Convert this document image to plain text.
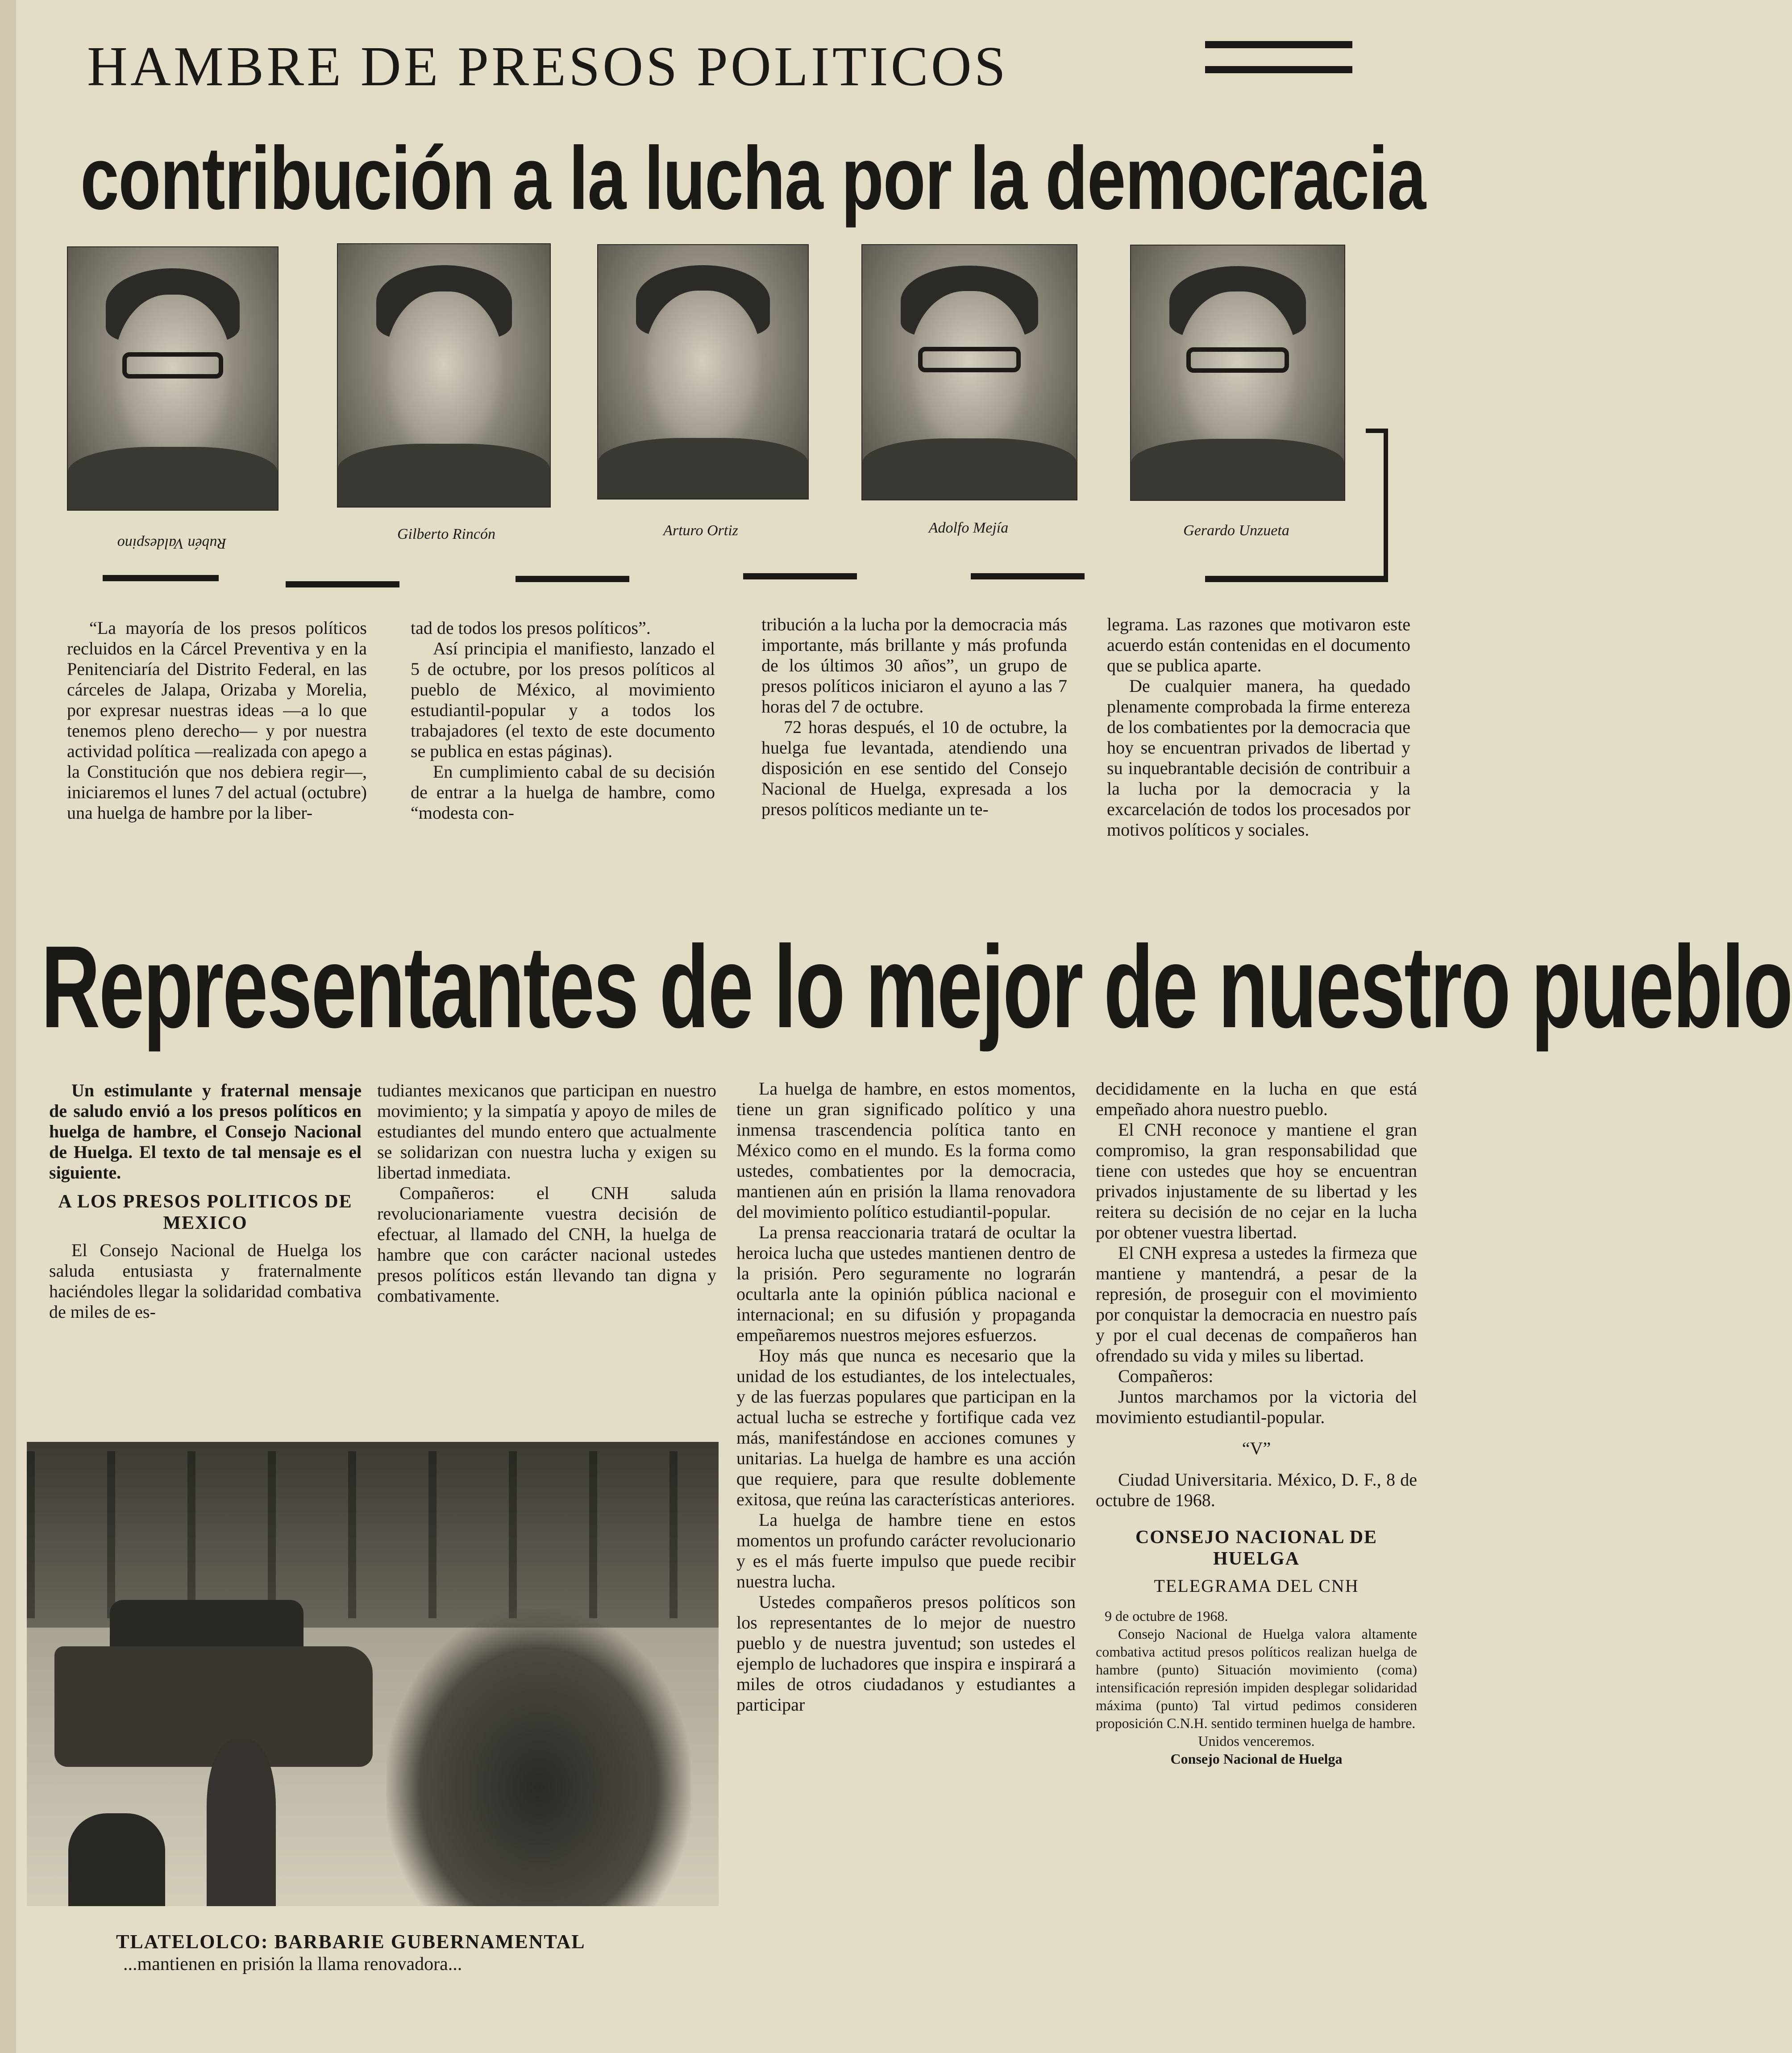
HAMBRE DE PRESOS POLITICOS
contribución a la lucha por la democracia
Rubén Valdespino
Gilberto Rincón	Arturo Ortiz	Adolfo Mejía	Gerardo Unzueta

“La mayoría de los presos políticos recluidos en la Cárcel Preventiva y en la Penitenciaría del Distrito Federal, en las cárceles de Jalapa, Orizaba y Morelia, por expresar nuestras ideas —a lo que tenemos pleno derecho— y por nuestra actividad política —realizada con apego a la Constitución que nos debiera regir—, iniciaremos el lunes 7 del actual (octubre) una huelga de hambre por la liber-

tad de todos los presos políticos”.

Así principia el manifiesto, lanzado el 5 de octubre, por los presos políticos al pueblo de México, al movimiento estudiantil-popular y a todos los trabajadores (el texto de este documento se publica en estas páginas).

En cumplimiento cabal de su decisión de entrar a la huelga de hambre, como “modesta con-

tribución a la lucha por la democracia más importante, más brillante y más profunda de los últimos 30 años”, un grupo de presos políticos iniciaron el ayuno a las 7 horas del 7 de octubre.

72 horas después, el 10 de octubre, la huelga fue levantada, atendiendo una disposición en ese sentido del Consejo Nacional de Huelga, expresada a los presos políticos mediante un te-

legrama. Las razones que motivaron este acuerdo están contenidas en el documento que se publica aparte.

De cualquier manera, ha quedado plenamente comprobada la firme entereza de los combatientes por la democracia que hoy se encuentran privados de libertad y su inquebrantable decisión de contribuir a la lucha por la democracia y la excarcelación de todos los procesados por motivos políticos y sociales.

Representantes de lo mejor de nuestro pueblo

Un estimulante y fraternal mensaje de saludo envió a los presos políticos en huelga de hambre, el Consejo Nacional de Huelga. El texto de tal mensaje es el siguiente.

A LOS PRESOS POLITICOS DE MEXICO

El Consejo Nacional de Huelga los saluda entusiasta y fraternalmente haciéndoles llegar la solidaridad combativa de miles de es-

tudiantes mexicanos que participan en nuestro movimiento; y la simpatía y apoyo de miles de estudiantes del mundo entero que actualmente se solidarizan con nuestra lucha y exigen su libertad inmediata.

Compañeros: el CNH saluda revolucionariamente vuestra decisión de efectuar, al llamado del CNH, la huelga de hambre que con carácter nacional ustedes presos políticos están llevando tan digna y combativamente.

La huelga de hambre, en estos momentos, tiene un gran significado político y una inmensa trascendencia política tanto en México como en el mundo. Es la forma como ustedes, combatientes por la democracia, mantienen aún en prisión la llama renovadora del movimiento político estudiantil-popular.

La prensa reaccionaria tratará de ocultar la heroica lucha que ustedes mantienen dentro de la prisión. Pero seguramente no lograrán ocultarla ante la opinión pública nacional e internacional; en su difusión y propaganda empeñaremos nuestros mejores esfuerzos.

Hoy más que nunca es necesario que la unidad de los estudiantes, de los intelectuales, y de las fuerzas populares que participan en la actual lucha se estreche y fortifique cada vez más, manifestándose en acciones comunes y unitarias. La huelga de hambre es una acción que requiere, para que resulte doblemente exitosa, que reúna las características anteriores.

La huelga de hambre tiene en estos momentos un profundo carácter revolucionario y es el más fuerte impulso que puede recibir nuestra lucha.

Ustedes compañeros presos políticos son los representantes de lo mejor de nuestro pueblo y de nuestra juventud; son ustedes el ejemplo de luchadores que inspira e inspirará a miles de otros ciudadanos y estudiantes a participar

decididamente en la lucha en que está empeñado ahora nuestro pueblo.

El CNH reconoce y mantiene el gran compromiso, la gran responsabilidad que tiene con ustedes que hoy se encuentran privados injustamente de su libertad y les reitera su decisión de no cejar en la lucha por obtener vuestra libertad.

El CNH expresa a ustedes la firmeza que mantiene y mantendrá, a pesar de la represión, de proseguir con el movimiento por conquistar la democracia en nuestro país y por el cual decenas de compañeros han ofrendado su vida y miles su libertad.

Compañeros:

Juntos marchamos por la victoria del movimiento estudiantil-popular.

“V”

Ciudad Universitaria. México, D. F., 8 de octubre de 1968.

CONSEJO NACIONAL DE HUELGA
TELEGRAMA DEL CNH
9 de octubre de 1968.

Consejo Nacional de Huelga valora altamente combativa actitud presos políticos realizan huelga de hambre (punto) Situación movimiento (coma) intensificación represión impiden desplegar solidaridad máxima (punto) Tal virtud pedimos consideren proposición C.N.H. sentido terminen huelga de hambre.

Unidos venceremos.
Consejo Nacional de Huelga
TLATELOLCO: BARBARIE GUBERNAMENTAL
...mantienen en prisión la llama renovadora...
